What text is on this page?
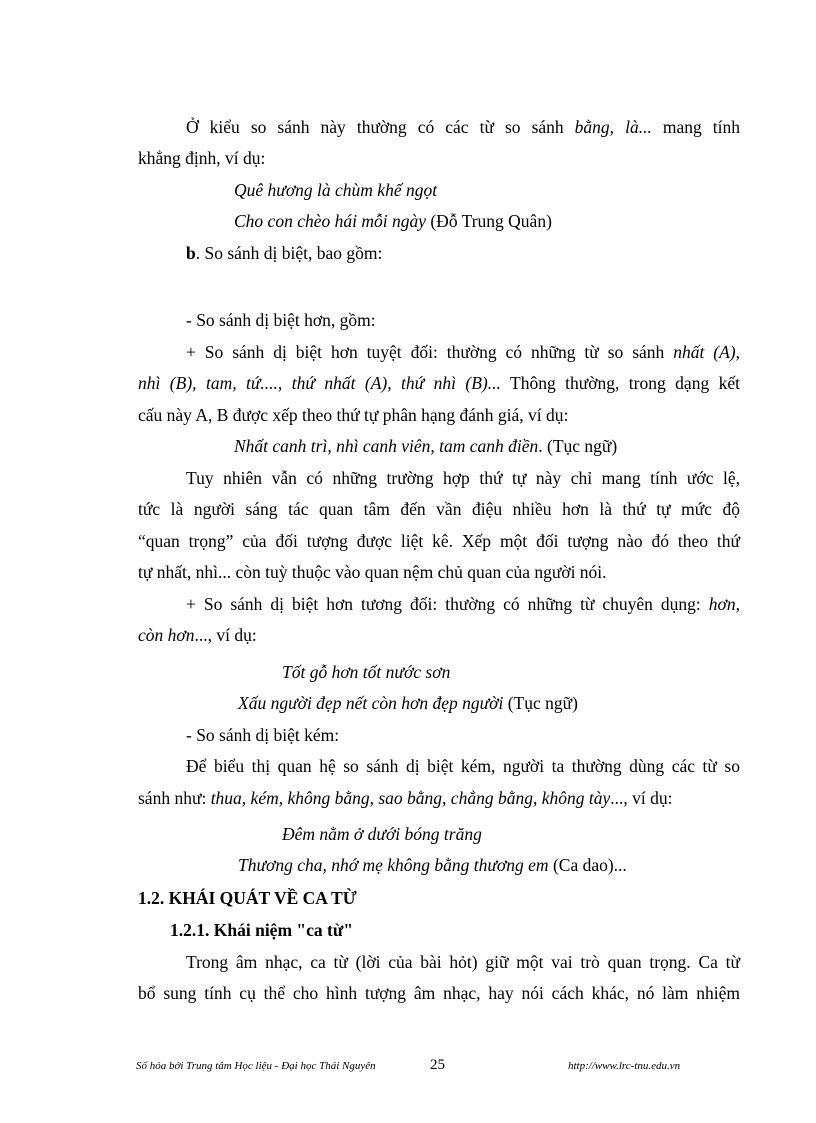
Ở kiểu so sánh này thường có các từ so sánh bằng, là... mang tính
khẳng định, ví dụ:
Quê hương là chùm khế ngọt
Cho con chèo hái mỗi ngày (Đỗ Trung Quân)
b. So sánh dị biệt, bao gồm:
- So sánh dị biệt hơn, gồm:
+ So sánh dị biệt hơn tuyệt đối: thường có những từ so sánh nhất (A),
nhì (B), tam, tứ...., thứ nhất (A), thứ nhì (B)... Thông thường, trong dạng kết
cấu này A, B được xếp theo thứ tự phân hạng đánh giá, ví dụ:
Nhất canh trì, nhì canh viên, tam canh điền. (Tục ngữ)
Tuy nhiên vẫn có những trường hợp thứ tự này chỉ mang tính ước lệ,
tức là người sáng tác quan tâm đến vần điệu nhiều hơn là thứ tự mức độ
“quan trọng” của đối tượng được liệt kê. Xếp một đối tượng nào đó theo thứ
tự nhất, nhì... còn tuỳ thuộc vào quan nệm chủ quan của người nói.
+ So sánh dị biệt hơn tương đối: thường có những từ chuyên dụng: hơn,
còn hơn..., ví dụ:
Tốt gỗ hơn tốt nước sơn
Xấu người đẹp nết còn hơn đẹp người (Tục ngữ)
- So sánh dị biệt kém:
Để biểu thị quan hệ so sánh dị biệt kém, người ta thường dùng các từ so
sánh như: thua, kém, không bằng, sao bằng, chẳng bằng, không tày..., ví dụ:
Đêm nằm ở dưới bóng trăng
Thương cha, nhớ mẹ không bằng thương em (Ca dao)...
1.2. KHÁI QUÁT VỀ CA TỪ
1.2.1. Khái niệm "ca từ"
Trong âm nhạc, ca từ (lời của bài hỏt) giữ một vai trò quan trọng. Ca từ
bổ sung tính cụ thể cho hình tượng âm nhạc, hay nói cách khác, nó làm nhiệm
Số hóa bởi Trung tâm Học liệu - Đại học Thái Nguyên	25	http://www.lrc-tnu.edu.vn
